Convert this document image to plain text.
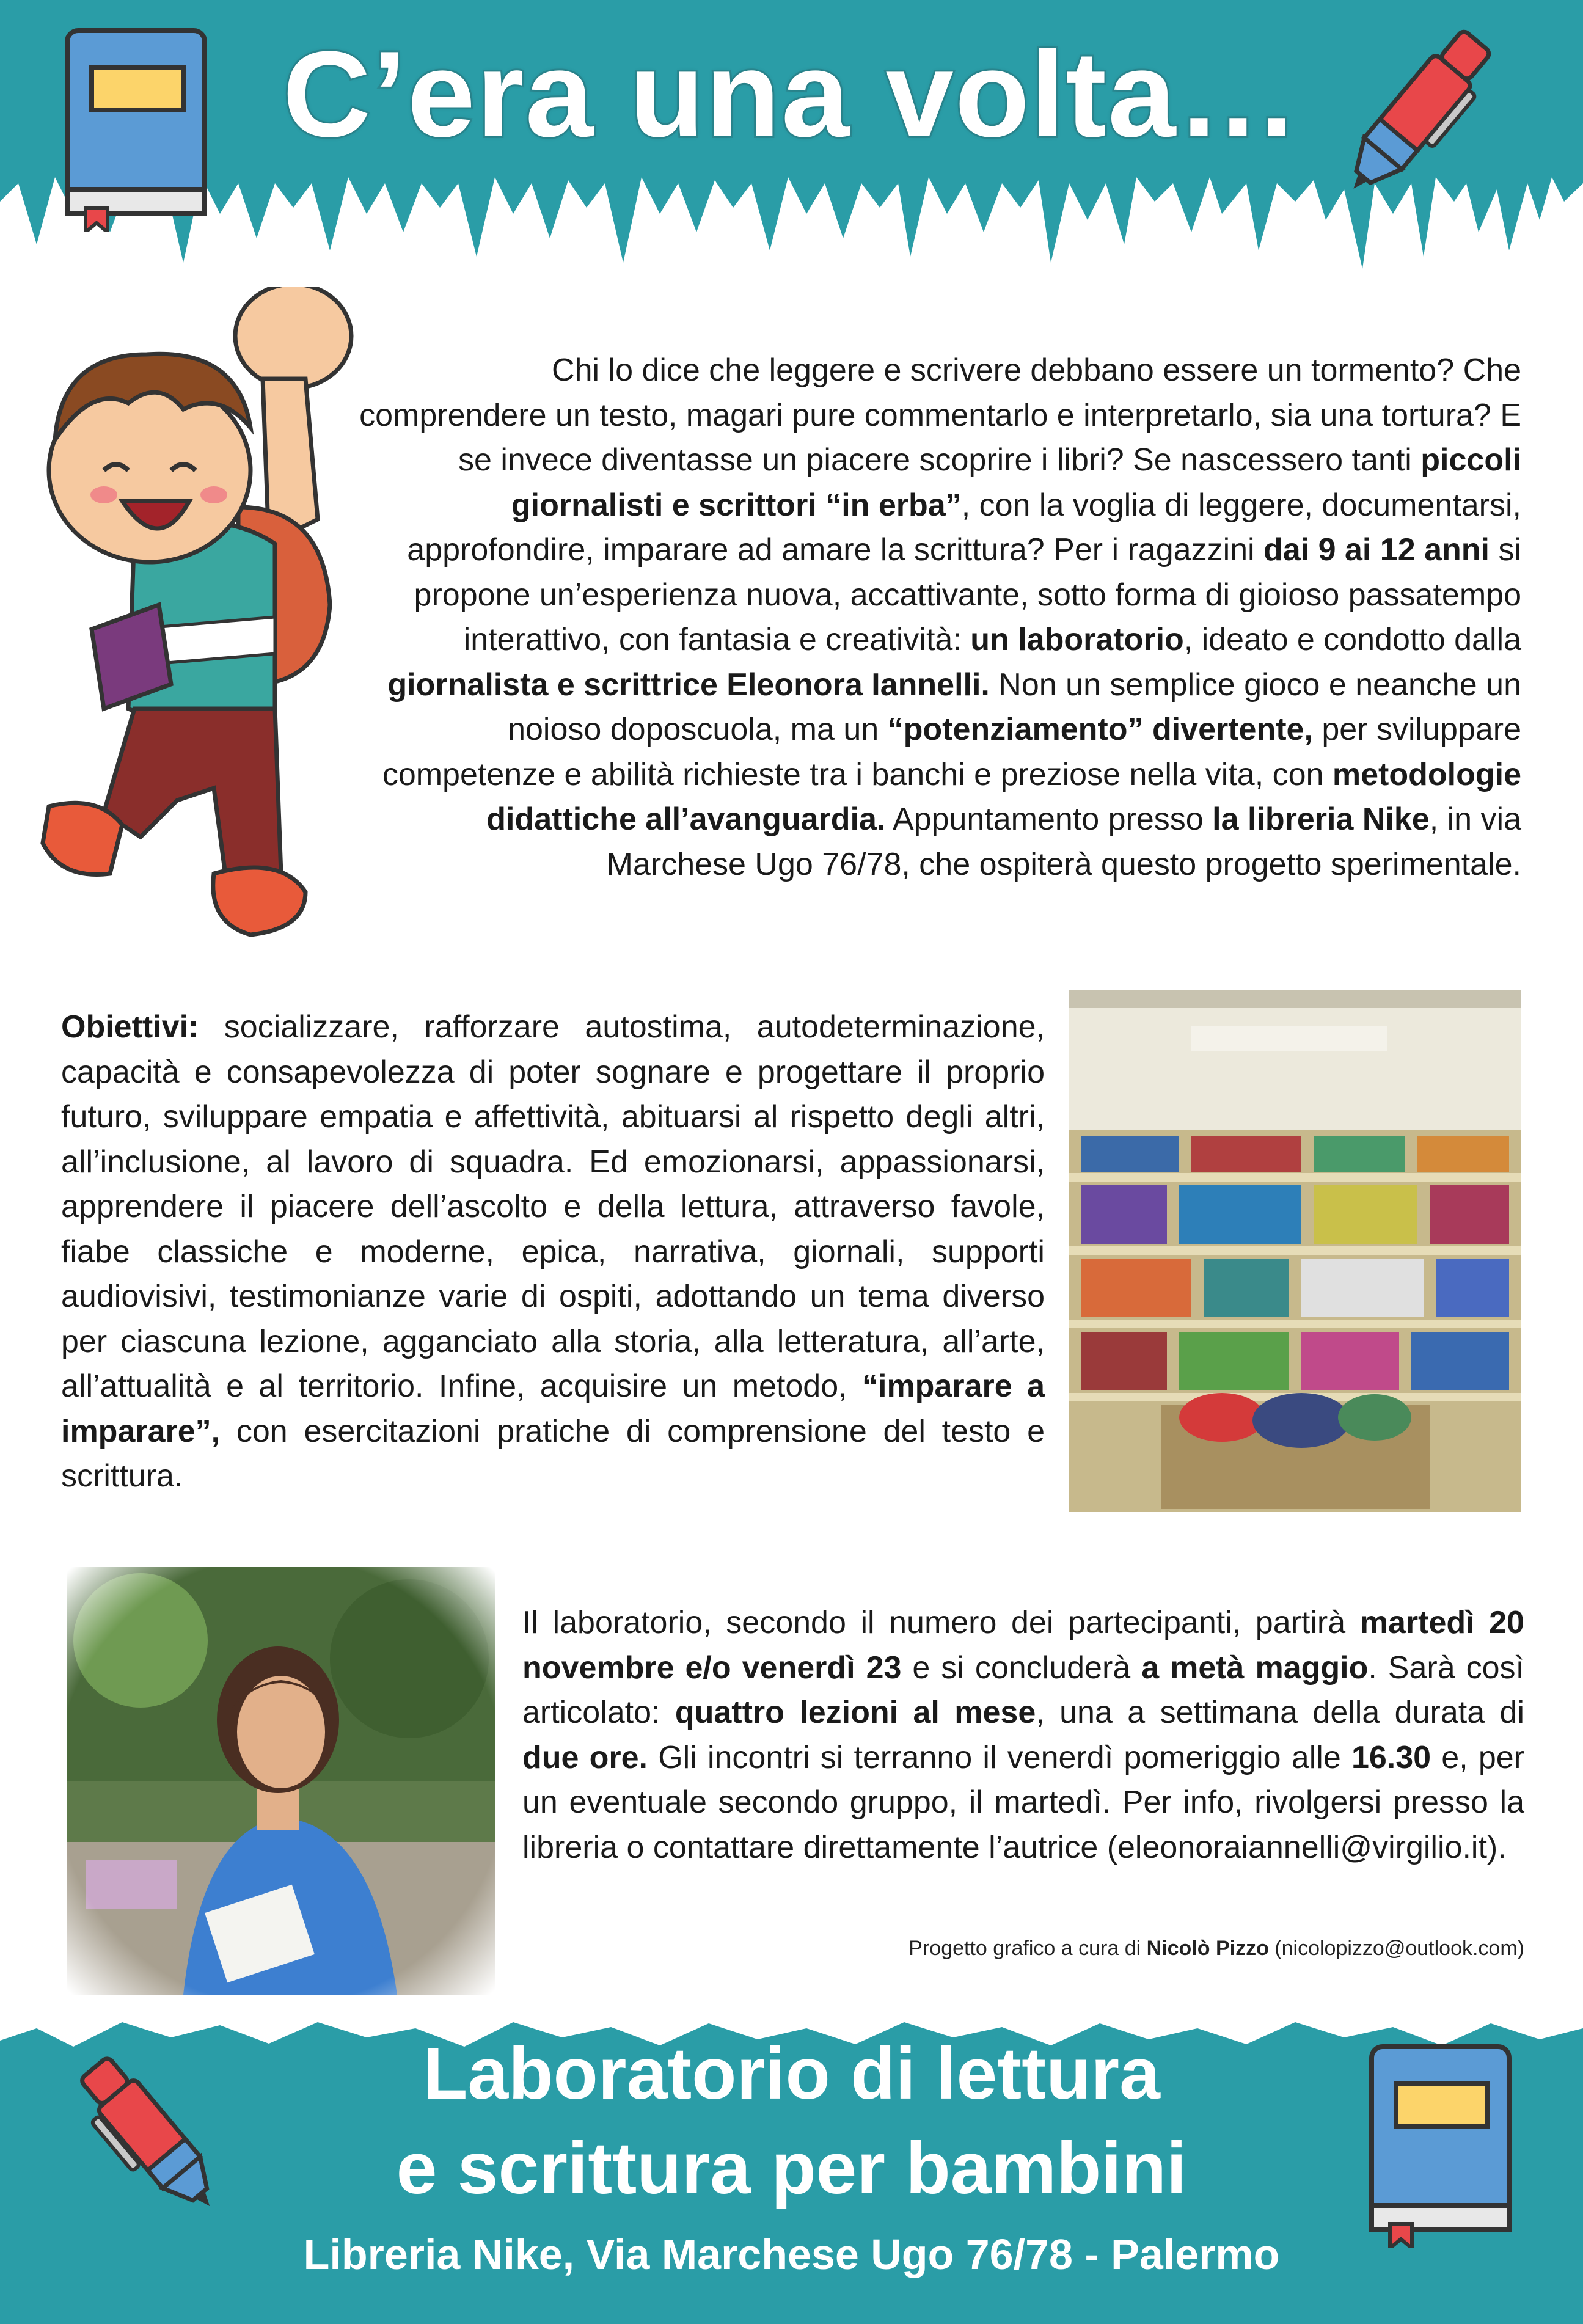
C’era una volta…
Chi lo dice che leggere e scrivere debbano essere un tormento? Che comprendere un testo, magari pure commentarlo e interpretarlo, sia una tortura? E se invece diventasse un piacere scoprire i libri? Se nascessero tanti piccoli giornalisti e scrittori “in erba”, con la voglia di leggere, documentarsi, approfondire, imparare ad amare la scrittura? Per i ragazzini dai 9 ai 12 anni si propone un’esperienza nuova, accattivante, sotto forma di gioioso passatempo interattivo, con fantasia e creatività: un laboratorio, ideato e condotto dalla giornalista e scrittrice Eleonora Iannelli. Non un semplice gioco e neanche un noioso doposcuola, ma un “potenziamento” divertente, per sviluppare competenze e abilità richieste tra i banchi e preziose nella vita, con metodologie didattiche all’avanguardia. Appuntamento presso la libreria Nike, in via Marchese Ugo 76/78, che ospiterà questo progetto sperimentale.
Obiettivi: socializzare, rafforzare autostima, autodeterminazione, capacità e consapevolezza di poter sognare e progettare il proprio futuro, sviluppare empatia e affettività, abituarsi al rispetto degli altri, all’inclusione, al lavoro di squadra. Ed emozionarsi, appassionarsi, apprendere il piacere dell’ascolto e della lettura, attraverso favole, fiabe classiche e moderne, epica, narrativa, giornali, supporti audiovisivi, testimonianze varie di ospiti, adottando un tema diverso per ciascuna lezione, agganciato alla storia, alla letteratura, all’arte, all’attualità e al territorio. Infine, acquisire un metodo, “imparare a imparare”, con esercitazioni pratiche di comprensione del testo e scrittura.
Il laboratorio, secondo il numero dei partecipanti, partirà martedì 20 novembre e/o venerdì 23 e si concluderà a metà maggio. Sarà così articolato: quattro lezioni al mese, una a settimana della durata di due ore. Gli incontri si terranno il venerdì pomeriggio alle 16.30 e, per un eventuale secondo gruppo, il martedì. Per info, rivolgersi presso la libreria o contattare direttamente l’autrice (eleonoraiannelli@virgilio.it).
Progetto grafico a cura di Nicolò Pizzo (nicolopizzo@outlook.com)
Laboratorio di lettura
e scrittura per bambini
Libreria Nike, Via Marchese Ugo 76/78 - Palermo
